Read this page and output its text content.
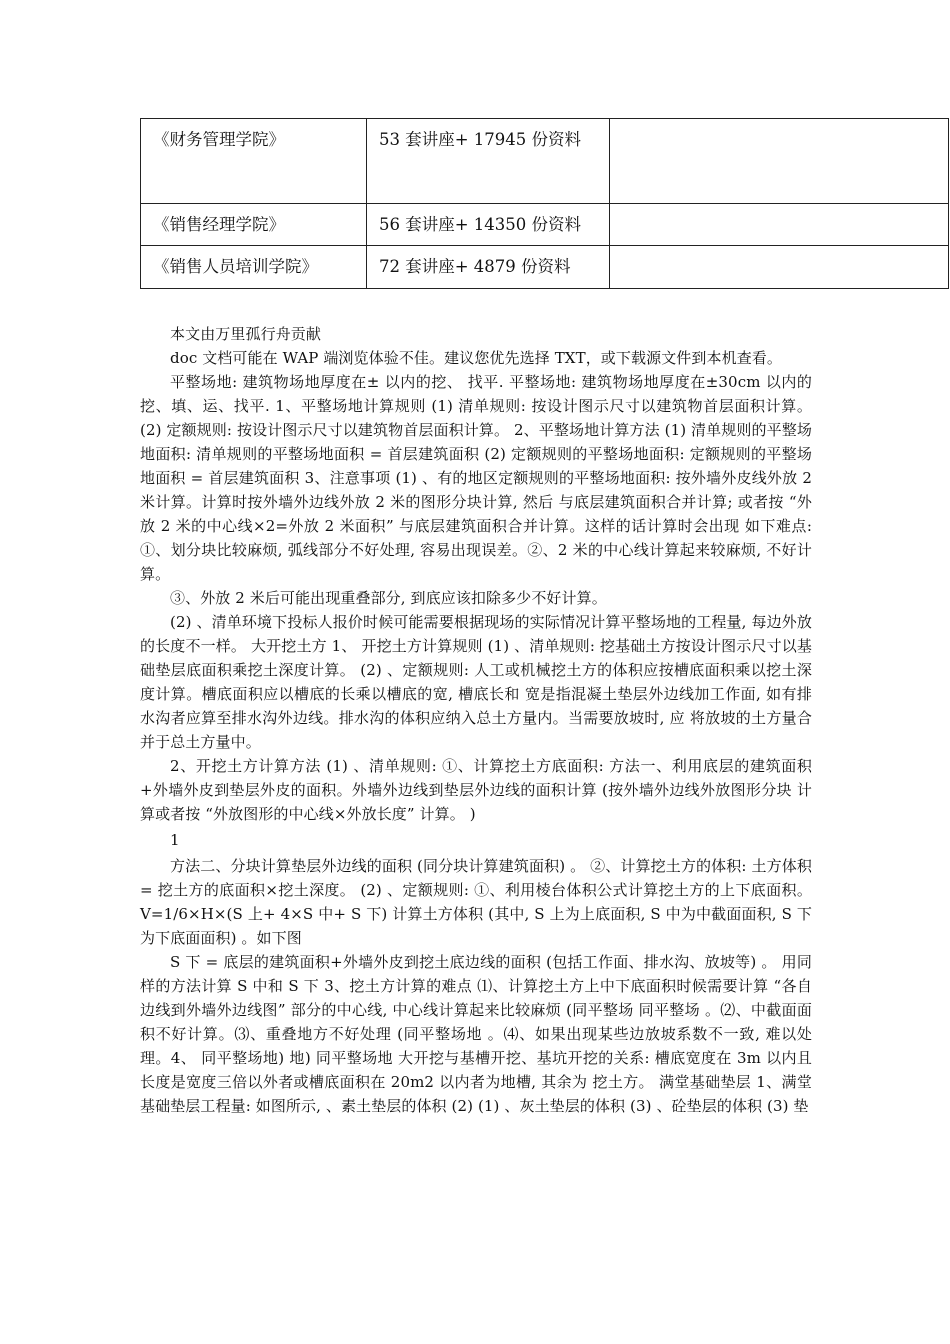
《财务管理学院》	53 套讲座+ 17945 份资料	

《销售经理学院》	56 套讲座+ 14350 份资料	

《销售人员培训学院》	72 套讲座+ 4879 份资料	

本文由万里孤行舟贡献

doc 文档可能在 WAP 端浏览体验不佳。建议您优先选择 TXT，或下载源文件到本机查看。

平整场地: 建筑物场地厚度在± 以内的挖、 找平. 平整场地: 建筑物场地厚度在±30cm 以内的挖、填、运、找平. 1、平整场地计算规则 (1) 清单规则: 按设计图示尺寸以建筑物首层面积计算。 (2) 定额规则: 按设计图示尺寸以建筑物首层面积计算。 2、平整场地计算方法 (1) 清单规则的平整场地面积: 清单规则的平整场地面积 = 首层建筑面积 (2) 定额规则的平整场地面积: 定额规则的平整场地面积 = 首层建筑面积 3、注意事项 (1) 、有的地区定额规则的平整场地面积: 按外墙外皮线外放 2 米计算。计算时按外墙外边线外放 2 米的图形分块计算, 然后 与底层建筑面积合并计算; 或者按 “外放 2 米的中心线×2=外放 2 米面积” 与底层建筑面积合并计算。这样的话计算时会出现 如下难点: ①、划分块比较麻烦, 弧线部分不好处理, 容易出现误差。②、2 米的中心线计算起来较麻烦, 不好计算。

③、外放 2 米后可能出现重叠部分, 到底应该扣除多少不好计算。

(2) 、清单环境下投标人报价时候可能需要根据现场的实际情况计算平整场地的工程量, 每边外放的长度不一样。 大开挖土方 1、 开挖土方计算规则 (1) 、清单规则: 挖基础土方按设计图示尺寸以基础垫层底面积乘挖土深度计算。 (2) 、定额规则: 人工或机械挖土方的体积应按槽底面积乘以挖土深度计算。槽底面积应以槽底的长乘以槽底的宽, 槽底长和 宽是指混凝土垫层外边线加工作面, 如有排水沟者应算至排水沟外边线。排水沟的体积应纳入总土方量内。当需要放坡时, 应 将放坡的土方量合并于总土方量中。

2、开挖土方计算方法 (1) 、清单规则: ①、计算挖土方底面积: 方法一、利用底层的建筑面积+外墙外皮到垫层外皮的面积。外墙外边线到垫层外边线的面积计算 (按外墙外边线外放图形分块 计算或者按 “外放图形的中心线×外放长度” 计算。 )

1

方法二、分块计算垫层外边线的面积 (同分块计算建筑面积) 。 ②、计算挖土方的体积: 土方体积 = 挖土方的底面积×挖土深度。 (2) 、定额规则: ①、利用棱台体积公式计算挖土方的上下底面积。 V=1/6×H×(S 上+ 4×S 中+ S 下) 计算土方体积 (其中, S 上为上底面积, S 中为中截面面积, S 下为下底面面积) 。如下图

S 下 = 底层的建筑面积+外墙外皮到挖土底边线的面积 (包括工作面、排水沟、放坡等) 。 用同样的方法计算 S 中和 S 下 3、挖土方计算的难点 ⑴、计算挖土方上中下底面积时候需要计算 “各自边线到外墙外边线图” 部分的中心线, 中心线计算起来比较麻烦 (同平整场 同平整场 。⑵、中截面面积不好计算。⑶、重叠地方不好处理 (同平整场地 。⑷、如果出现某些边放坡系数不一致, 难以处理。4、 同平整场地) 地) 同平整场地 大开挖与基槽开挖、基坑开挖的关系: 槽底宽度在 3m 以内且长度是宽度三倍以外者或槽底面积在 20m2 以内者为地槽, 其余为 挖土方。 满堂基础垫层 1、满堂基础垫层工程量: 如图所示, 、素土垫层的体积 (2) (1) 、灰土垫层的体积 (3) 、砼垫层的体积 (3) 垫
